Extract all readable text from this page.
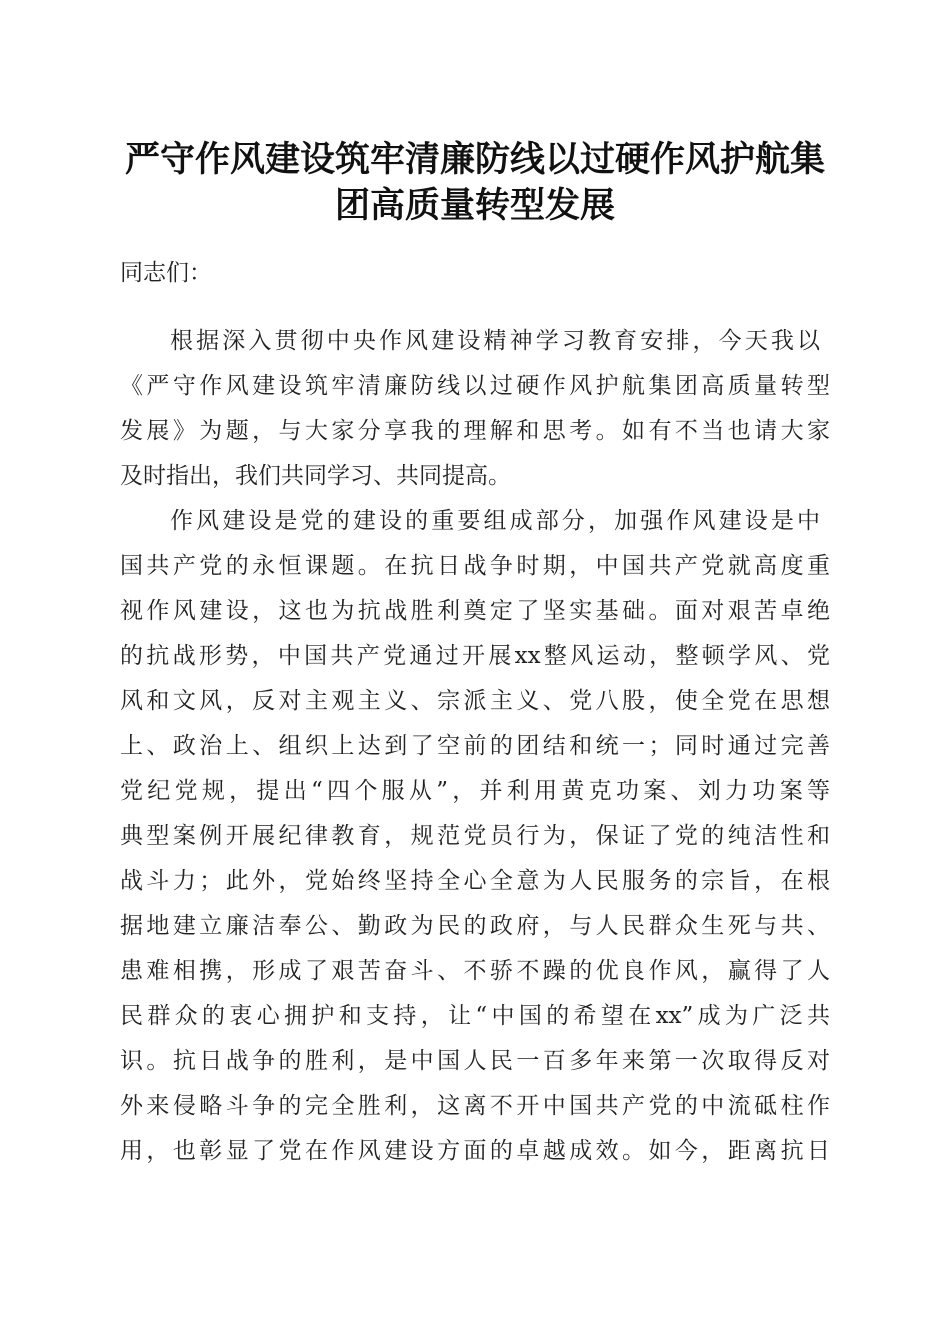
严守作风建设筑牢清廉防线以过硬作风护航集
团高质量转型发展
同志们：
根据深入贯彻中央作风建设精神学习教育安排，今天我以
《严守作风建设筑牢清廉防线以过硬作风护航集团高质量转型
发展》为题，与大家分享我的理解和思考。如有不当也请大家
及时指出，我们共同学习、共同提高。
作风建设是党的建设的重要组成部分，加强作风建设是中
国共产党的永恒课题。在抗日战争时期，中国共产党就高度重
视作风建设，这也为抗战胜利奠定了坚实基础。面对艰苦卓绝
的抗战形势，中国共产党通过开展xx整风运动，整顿学风、党
风和文风，反对主观主义、宗派主义、党八股，使全党在思想
上、政治上、组织上达到了空前的团结和统一；同时通过完善
党纪党规，提出“四个服从”，并利用黄克功案、刘力功案等
典型案例开展纪律教育，规范党员行为，保证了党的纯洁性和
战斗力；此外，党始终坚持全心全意为人民服务的宗旨，在根
据地建立廉洁奉公、勤政为民的政府，与人民群众生死与共、
患难相携，形成了艰苦奋斗、不骄不躁的优良作风，赢得了人
民群众的衷心拥护和支持，让“中国的希望在xx”成为广泛共
识。抗日战争的胜利，是中国人民一百多年来第一次取得反对
外来侵略斗争的完全胜利，这离不开中国共产党的中流砥柱作
用，也彰显了党在作风建设方面的卓越成效。如今，距离抗日
